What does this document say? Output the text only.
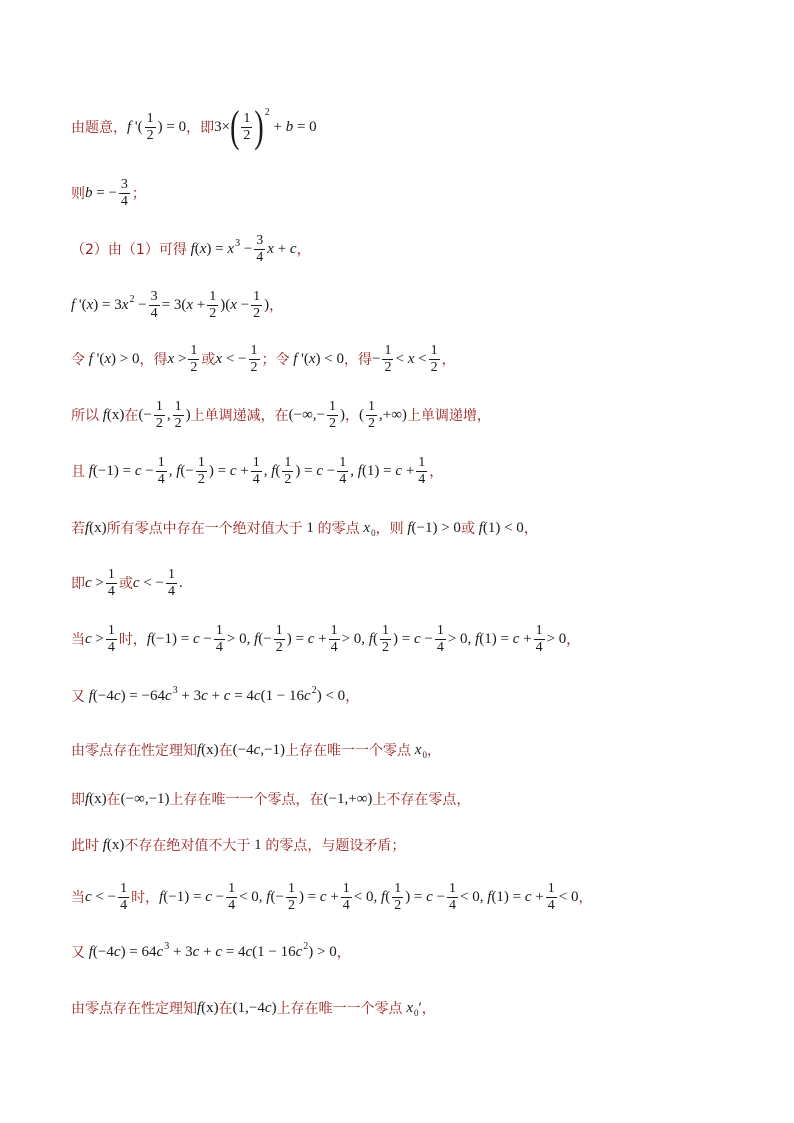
由题意， f '( $\frac{1}{2}$ ) = 0 ，即 3× ( $\frac{1}{2}$ ) $^2$ + b = 0
则 b = − $\frac{3}{4}$ ；
（2）由（1）可得 $f(x) = x^3 - \frac{3}{4}$ x + c ，
f '$(x) = 3x^2 - \frac{3}{4} = 3(x + \frac{1}{2} )(x - \frac{1}{2}$ ) ，
令 f '(x) > 0 ，得 $x > \frac{1}{2}$ 或 x < − $\frac{1}{2}$ ；令 f '(x) < 0 ，得 − $\frac{1}{2} < x < \frac{1}{2}$ ，
所以 f(x) 在 (− $\frac{1}{2}$ , $\frac{1}{2}$ ) 上单调递减，在 (−∞,− $\frac{1}{2}$ ) ， ( $\frac{1}{2}$ ,+∞) 上单调递增，
且 $f(-1) = c - \frac{1}{4}$ , $f(- \frac{1}{2}$ ) = $c + \frac{1}{4}$ , $f( \frac{1}{2}$ ) = $c - \frac{1}{4}$ , $f(1) = c + \frac{1}{4}$ ，
若 f(x) 所有零点中存在一个绝对值大于 1 的零点 $x_0$ ，则 f(−1) > 0 或 f(1) < 0 ，
即 $c > \frac{1}{4}$ 或 c < − $\frac{1}{4}$ .
当 $c > \frac{1}{4}$ 时， $f(-1) = c - \frac{1}{4} > 0$, $f(- \frac{1}{2}$ ) = $c + \frac{1}{4} > 0$, $f( \frac{1}{2}$ ) = $c - \frac{1}{4} > 0$, $f(1) = c + \frac{1}{4} > 0$ ，
又 $f(-4c) = -64c^3 + 3c + c = 4c(1 - 16c^2) < 0$ ，
由零点存在性定理知 f(x) 在 (−4c,−1) 上存在唯一一个零点 $x_0$ ，
即 f(x) 在 (−∞,−1) 上存在唯一一个零点，在 (−1,+∞) 上不存在零点，
此时 f(x) 不存在绝对值不大于 1 的零点，与题设矛盾；
当 c < − $\frac{1}{4}$ 时， $f(-1) = c - \frac{1}{4} < 0$, $f(- \frac{1}{2}$ ) = $c + \frac{1}{4} < 0$, $f( \frac{1}{2}$ ) = $c - \frac{1}{4} < 0$, $f(1) = c + \frac{1}{4} < 0$ ，
又 $f(-4c) = 64c^3 + 3c + c = 4c(1 - 16c^2) > 0$ ，
由零点存在性定理知 f(x) 在 (1,−4c) 上存在唯一一个零点 $x_0'$ ，
